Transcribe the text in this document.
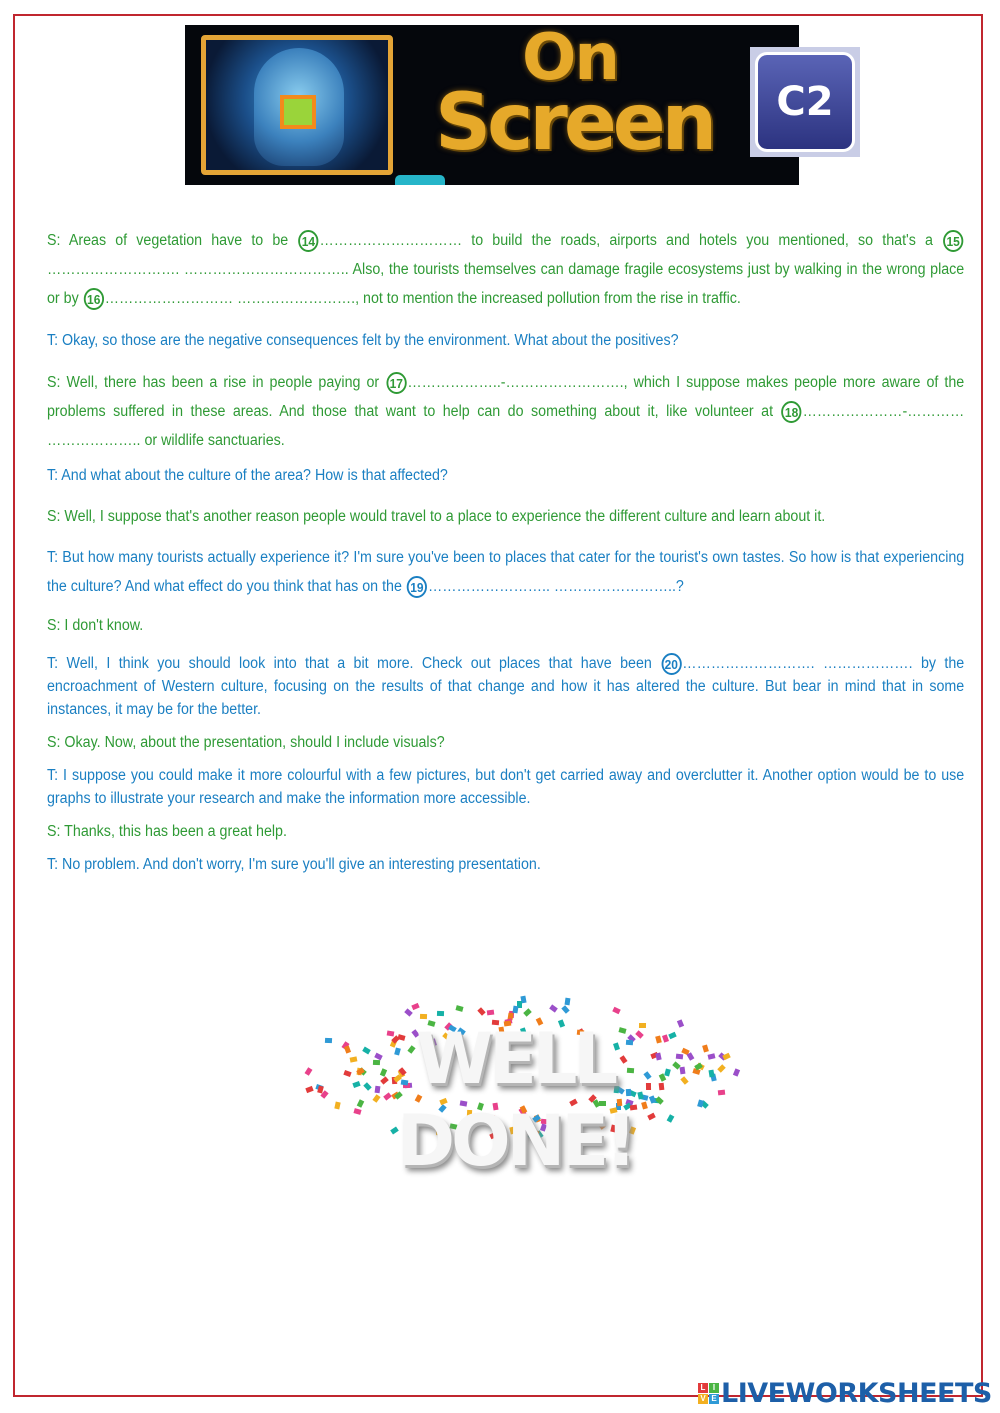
On
Screen	C2

S: Areas of vegetation have to be 14 ………………………… to build the roads, airports and hotels you mentioned, so that's a 15………………………. …………………………….. Also, the tourists themselves can damage fragile ecosystems just by walking in the wrong place or by 16 ……………………… ……………………., not to mention the increased pollution from the rise in traffic.

T: Okay, so those are the negative consequences felt by the environment. What about the positives?

S: Well, there has been a rise in people paying or 17 ………………..-……………………., which I suppose makes people more aware of the problems suffered in these areas. And those that want to help can do something about it, like volunteer at 18 …………………-………… ……………….. or wildlife sanctuaries.

T: And what about the culture of the area? How is that affected?

S: Well, I suppose that's another reason people would travel to a place to experience the different culture and learn about it.

T: But how many tourists actually experience it? I'm sure you've been to places that cater for the tourist's own tastes. So how is that experiencing the culture? And what effect do you think that has on the 19 …………………….. ……………………..?

S: I don't know.

T: Well, I think you should look into that a bit more. Check out places that have been 20 ………………………. ………………. by the encroachment of Western culture, focusing on the results of that change and how it has altered the culture. But bear in mind that in some instances, it may be for the better.

S: Okay. Now, about the presentation, should I include visuals?

T: I suppose you could make it more colourful with a few pictures, but don't get carried away and overclutter it. Another option would be to use graphs to illustrate your research and make the information more accessible.

S: Thanks, this has been a great help.

T: No problem. And don't worry, I'm sure you'll give an interesting presentation.

WELL DONE!
L I
V E LIVEWORKSHEETS
